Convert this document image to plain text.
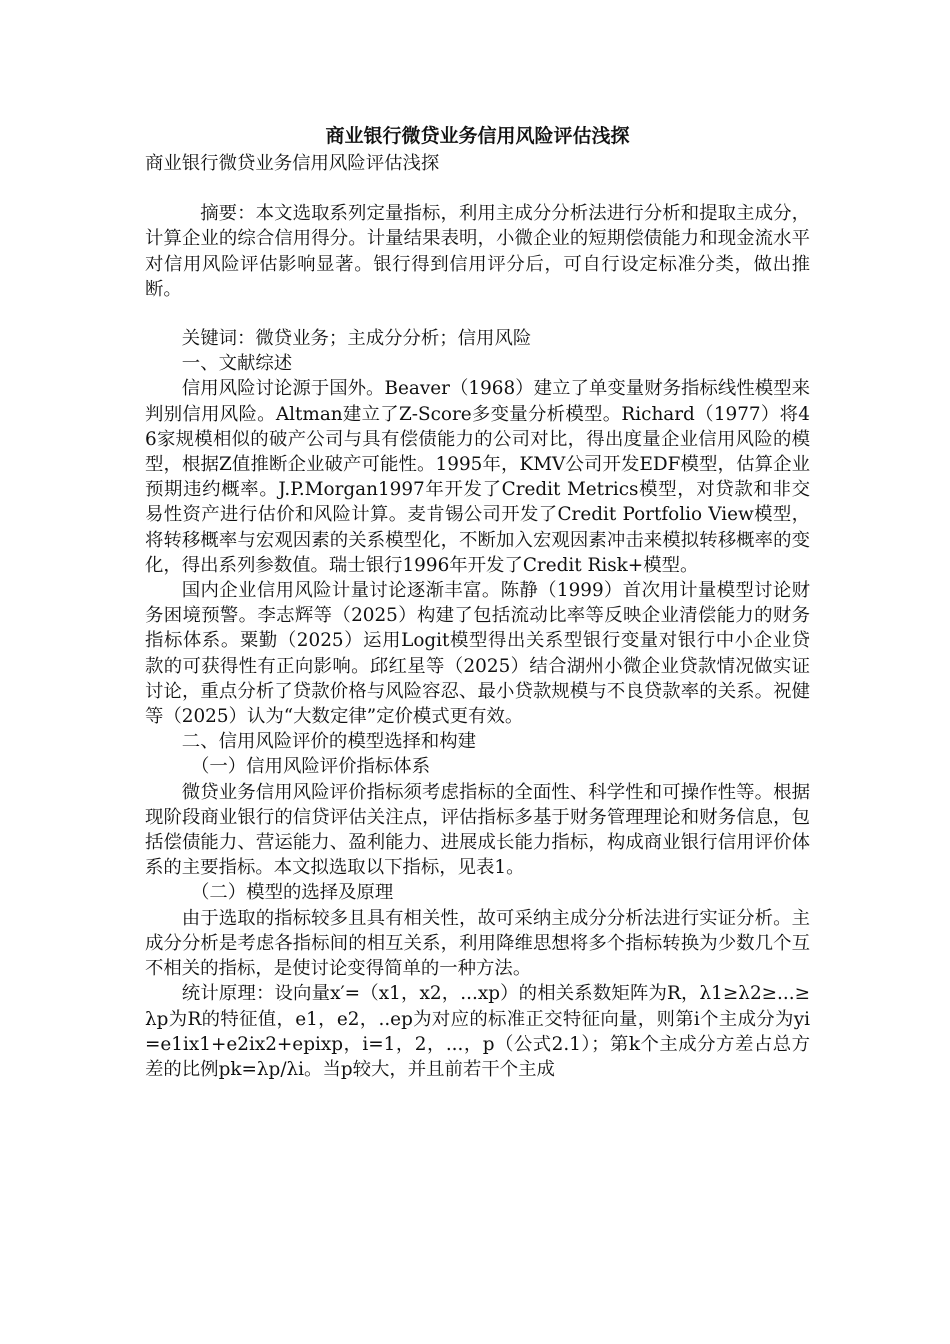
商业银行微贷业务信用风险评估浅探
商业银行微贷业务信用风险评估浅探

摘要：本文选取系列定量指标，利用主成分分析法进行分析和提取主成分，计算企业的综合信用得分。计量结果表明，小微企业的短期偿债能力和现金流水平对信用风险评估影响显著。银行得到信用评分后，可自行设定标准分类，做出推断。

关键词：微贷业务；主成分分析；信用风险

一、文献综述

信用风险讨论源于国外。Beaver（1968）建立了单变量财务指标线性模型来判别信用风险。Altman建立了Z-Score多变量分析模型。Richard（1977）将46家规模相似的破产公司与具有偿债能力的公司对比，得出度量企业信用风险的模型，根据Z值推断企业破产可能性。1995年，KMV公司开发EDF模型，估算企业预期违约概率。J.P.Morgan1997年开发了Credit Metrics模型，对贷款和非交易性资产进行估价和风险计算。麦肯锡公司开发了Credit Portfolio View模型，将转移概率与宏观因素的关系模型化，不断加入宏观因素冲击来模拟转移概率的变化，得出系列参数值。瑞士银行1996年开发了Credit Risk+模型。

国内企业信用风险计量讨论逐渐丰富。陈静（1999）首次用计量模型讨论财务困境预警。李志辉等（2025）构建了包括流动比率等反映企业清偿能力的财务指标体系。粟勤（2025）运用Logit模型得出关系型银行变量对银行中小企业贷款的可获得性有正向影响。邱红星等（2025）结合湖州小微企业贷款情况做实证讨论，重点分析了贷款价格与风险容忍、最小贷款规模与不良贷款率的关系。祝健等（2025）认为“大数定律”定价模式更有效。

二、信用风险评价的模型选择和构建

（一）信用风险评价指标体系

微贷业务信用风险评价指标须考虑指标的全面性、科学性和可操作性等。根据现阶段商业银行的信贷评估关注点，评估指标多基于财务管理理论和财务信息，包括偿债能力、营运能力、盈利能力、进展成长能力指标，构成商业银行信用评价体系的主要指标。本文拟选取以下指标，见表1。

（二）模型的选择及原理

由于选取的指标较多且具有相关性，故可采纳主成分分析法进行实证分析。主成分分析是考虑各指标间的相互关系，利用降维思想将多个指标转换为少数几个互不相关的指标，是使讨论变得简单的一种方法。

统计原理：设向量x′=（x1，x2，...xp）的相关系数矩阵为R，λ1≥λ2≥...≥λp为R的特征值，e1，e2，..ep为对应的标准正交特征向量，则第i个主成分为yi=e1ix1+e2ix2+epixp，i=1，2，...，p（公式2.1）；第k个主成分方差占总方差的比例pk=λp/λi。当p较大，并且前若干个主成
